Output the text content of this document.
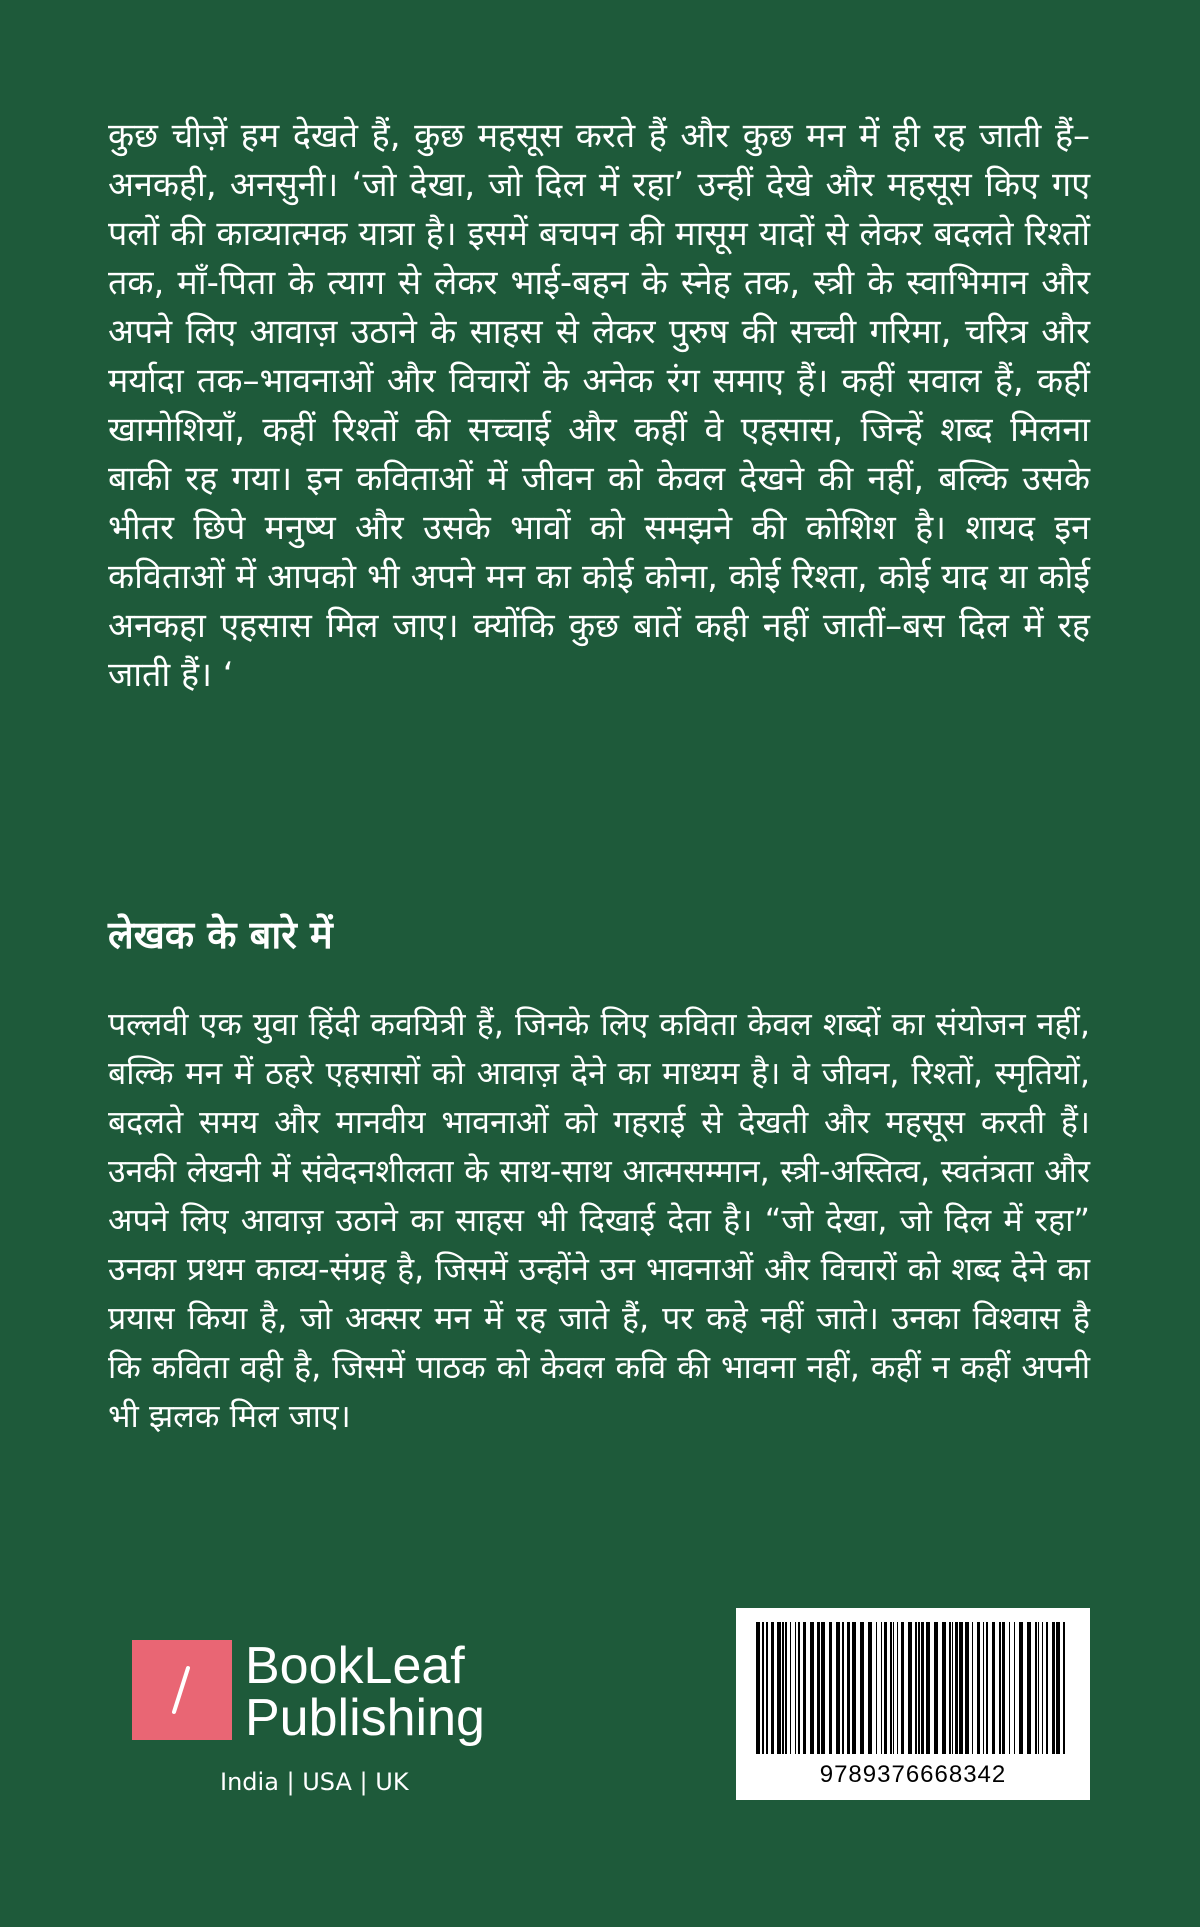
कुछ चीज़ें हम देखते हैं, कुछ महसूस करते हैं और कुछ मन में ही रह जाती हैं–अनकही, अनसुनी। ‘जो देखा, जो दिल में रहा’ उन्हीं देखे और महसूस किए गए पलों की काव्यात्मक यात्रा है। इसमें बचपन की मासूम यादों से लेकर बदलते रिश्तों तक, माँ-पिता के त्याग से लेकर भाई-बहन के स्नेह तक, स्त्री के स्वाभिमान और अपने लिए आवाज़ उठाने के साहस से लेकर पुरुष की सच्ची गरिमा, चरित्र और मर्यादा तक–भावनाओं और विचारों के अनेक रंग समाए हैं। कहीं सवाल हैं, कहीं खामोशियाँ, कहीं रिश्तों की सच्चाई और कहीं वे एहसास, जिन्हें शब्द मिलना बाकी रह गया। इन कविताओं में जीवन को केवल देखने की नहीं, बल्कि उसके भीतर छिपे मनुष्य और उसके भावों को समझने की कोशिश है। शायद इन कविताओं में आपको भी अपने मन का कोई कोना, कोई रिश्ता, कोई याद या कोई अनकहा एहसास मिल जाए। क्योंकि कुछ बातें कही नहीं जातीं–बस दिल में रह जाती हैं। ‘

लेखक के बारे में

पल्लवी एक युवा हिंदी कवयित्री हैं, जिनके लिए कविता केवल शब्दों का संयोजन नहीं, बल्कि मन में ठहरे एहसासों को आवाज़ देने का माध्यम है। वे जीवन, रिश्तों, स्मृतियों, बदलते समय और मानवीय भावनाओं को गहराई से देखती और महसूस करती हैं। उनकी लेखनी में संवेदनशीलता के साथ-साथ आत्मसम्मान, स्त्री-अस्तित्व, स्वतंत्रता और अपने लिए आवाज़ उठाने का साहस भी दिखाई देता है। “जो देखा, जो दिल में रहा” उनका प्रथम काव्य-संग्रह है, जिसमें उन्होंने उन भावनाओं और विचारों को शब्द देने का प्रयास किया है, जो अक्सर मन में रह जाते हैं, पर कहे नहीं जाते। उनका विश्वास है कि कविता वही है, जिसमें पाठक को केवल कवि की भावना नहीं, कहीं न कहीं अपनी भी झलक मिल जाए।

BookLeaf
Publishing
India | USA | UK	9789376668342
